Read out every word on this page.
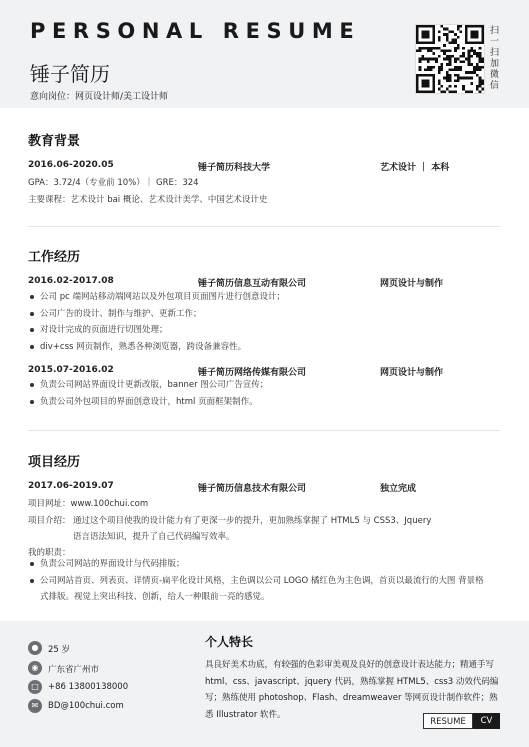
PERSONAL RESUME
锤子简历
意向岗位：网页设计师/美工设计师
扫一扫加微信
教育背景
2016.06-2020.05	锤子简历科技大学	艺术设计 ｜ 本科
GPA：3.72/4（专业前 10%）｜ GRE：324
主要课程：艺术设计 bai 概论、艺术设计美学、中国艺术设计史
工作经历
2016.02-2017.08	锤子简历信息互动有限公司	网页设计与制作
公司 pc 端网站移动端网站以及外包项目页面图片进行创意设计；
公司广告的设计、制作与维护、更新工作；
对设计完成的页面进行切图处理；
div+css 网页制作，熟悉各种浏览器，跨设备兼容性。
2015.07-2016.02	锤子简历网络传媒有限公司	网页设计与制作
负责公司网站界面设计更新改版，banner 图公司广告宣传；
负责公司外包项目的界面创意设计，html 页面框架制作。
项目经历
2017.06-2019.07	锤子简历信息技术有限公司	独立完成
项目网址：www.100chui.com
项目介绍： 通过这个项目使我的设计能力有了更深一步的提升，更加熟练掌握了 HTML5 与 CSS3、Jquery
语言语法知识，提升了自己代码编写效率。
我的职责：
负责公司网站的界面设计与代码排版；
公司网站首页、列表页、详情页-扁平化设计风格，主色调以公司 LOGO 橘红色为主色调，首页以最流行的大图 背景格式排版。视觉上突出科技、创新，给人一种眼前一亮的感觉。
●	25 岁
◉	广东省广州市
□	+86 13800138000
✉	BD@100chui.com
个人特长
具良好美术功底，有较强的色彩审美观及良好的创意设计表达能力；精通手写 html、css、javascript、jquery 代码，熟练掌握 HTML5、css3 动效代码编写；熟练使用 photoshop、Flash、dreamweaver 等网页设计制作软件；熟悉 Illustrator 软件。
RESUME	CV
